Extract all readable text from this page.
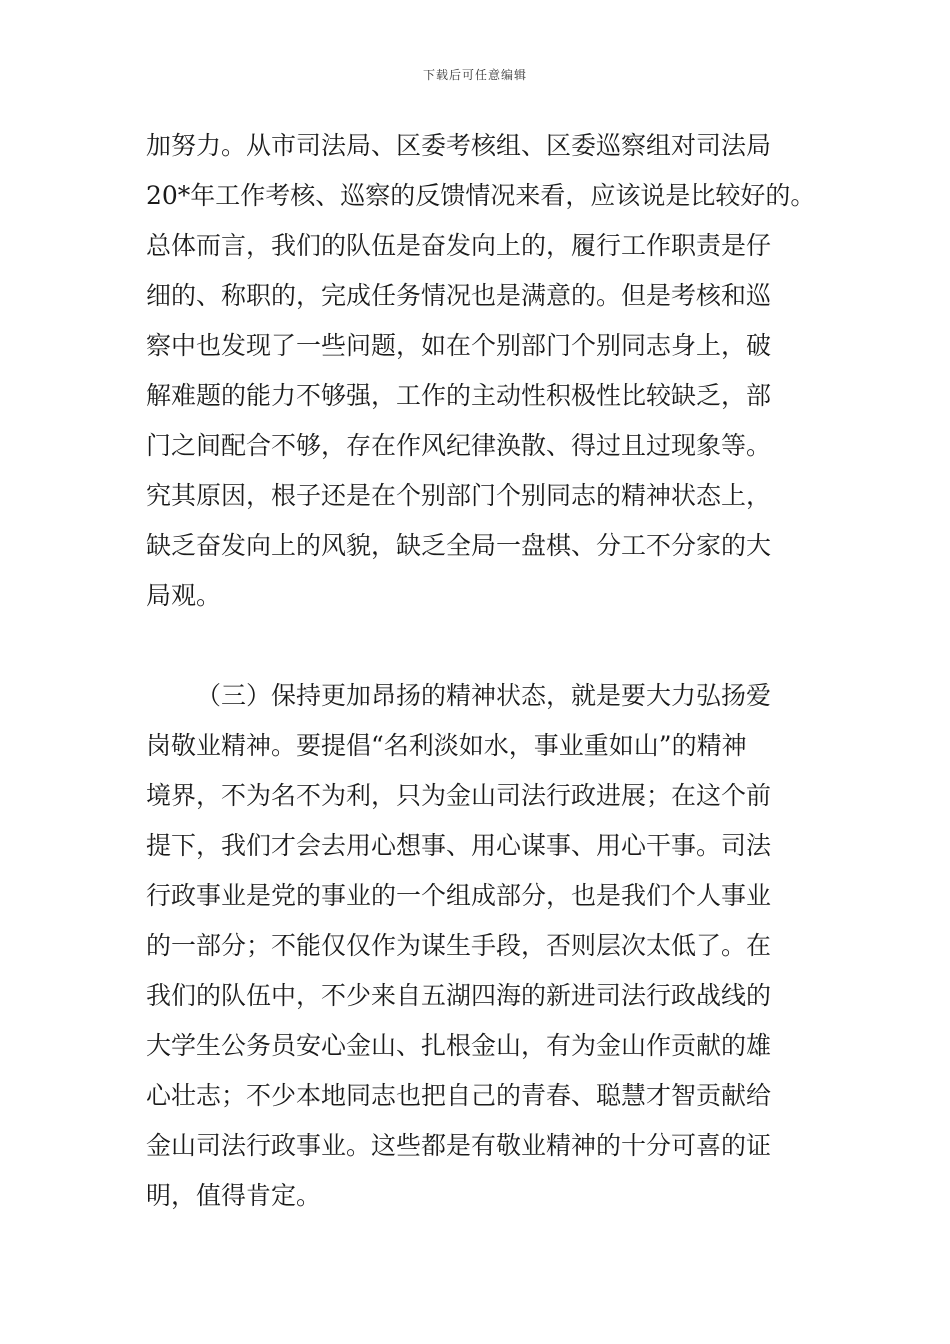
下载后可任意编辑
加努力。从市司法局、区委考核组、区委巡察组对司法局
20*年工作考核、巡察的反馈情况来看，应该说是比较好的。
总体而言，我们的队伍是奋发向上的，履行工作职责是仔
细的、称职的，完成任务情况也是满意的。但是考核和巡
察中也发现了一些问题，如在个别部门个别同志身上，破
解难题的能力不够强，工作的主动性积极性比较缺乏，部
门之间配合不够，存在作风纪律涣散、得过且过现象等。
究其原因，根子还是在个别部门个别同志的精神状态上，
缺乏奋发向上的风貌，缺乏全局一盘棋、分工不分家的大
局观。
（三）保持更加昂扬的精神状态，就是要大力弘扬爱
岗敬业精神。要提倡“名利淡如水，事业重如山”的精神
境界，不为名不为利，只为金山司法行政进展；在这个前
提下，我们才会去用心想事、用心谋事、用心干事。司法
行政事业是党的事业的一个组成部分，也是我们个人事业
的一部分；不能仅仅作为谋生手段，否则层次太低了。在
我们的队伍中，不少来自五湖四海的新进司法行政战线的
大学生公务员安心金山、扎根金山，有为金山作贡献的雄
心壮志；不少本地同志也把自己的青春、聪慧才智贡献给
金山司法行政事业。这些都是有敬业精神的十分可喜的证
明，值得肯定。
